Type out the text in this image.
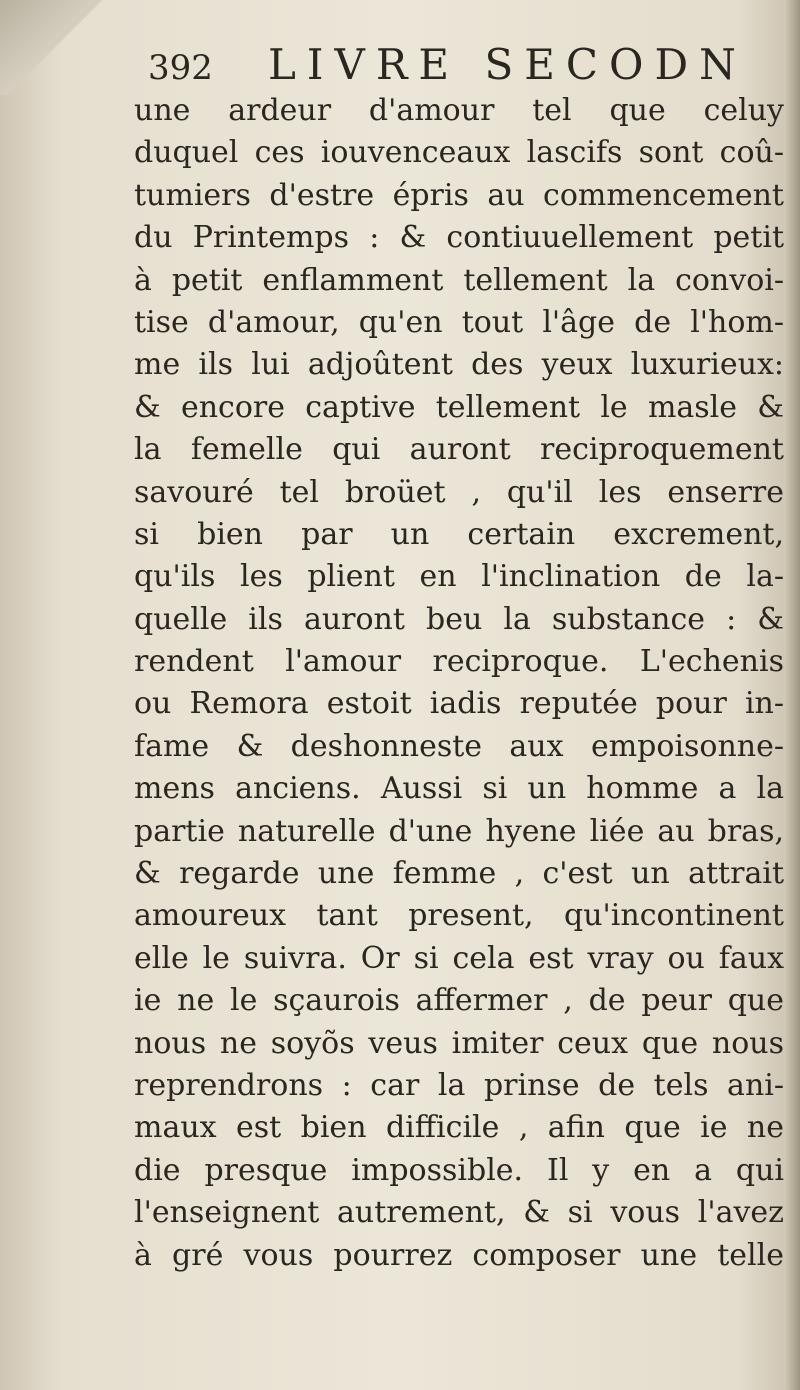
392	LIVRE SECODN
une ardeur d'amour tel que celuy
duquel ces iouvenceaux lascifs sont coû-
tumiers d'estre épris au commencement
du Printemps : & contiuuellement petit
à petit enflamment tellement la convoi-
tise d'amour, qu'en tout l'âge de l'hom-
me ils lui adjoûtent des yeux luxurieux:
& encore captive tellement le masle &
la femelle qui auront reciproquement
savouré tel broüet , qu'il les enserre
si bien par un certain excrement,
qu'ils les plient en l'inclination de la-
quelle ils auront beu la substance : &
rendent l'amour reciproque. L'echenis
ou Remora estoit iadis reputée pour in-
fame & deshonneste aux empoisonne-
mens anciens. Aussi si un homme a la
partie naturelle d'une hyene liée au bras,
& regarde une femme , c'est un attrait
amoureux tant present, qu'incontinent
elle le suivra. Or si cela est vray ou faux
ie ne le sçaurois affermer , de peur que
nous ne soyõs veus imiter ceux que nous
reprendrons : car la prinse de tels ani-
maux est bien difficile , afin que ie ne
die presque impossible. Il y en a qui
l'enseignent autrement, & si vous l'avez
à gré vous pourrez composer une telle
